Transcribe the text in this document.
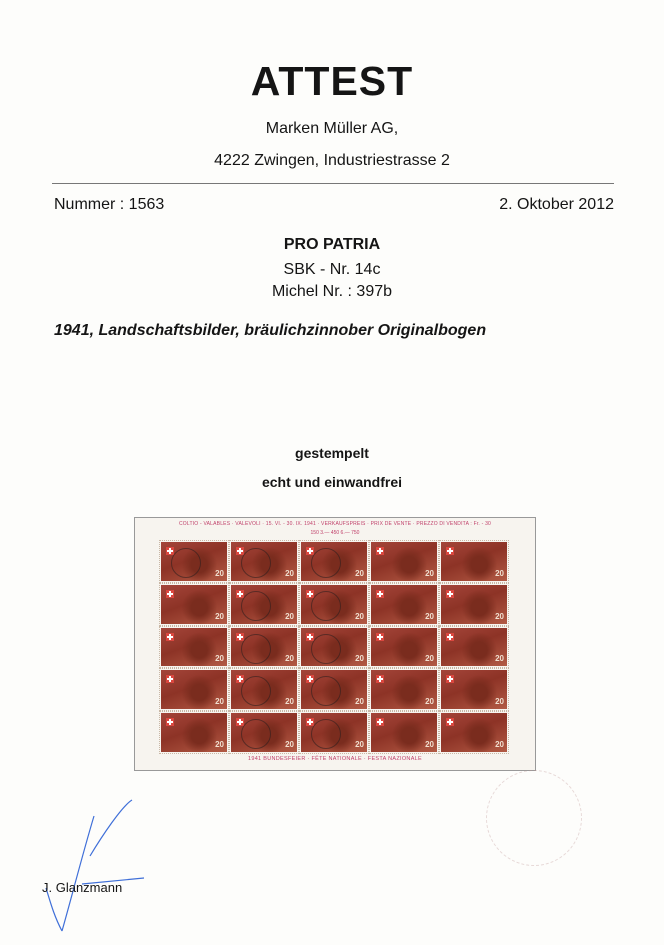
ATTEST
Marken Müller AG,
4222 Zwingen, Industriestrasse 2
Nummer : 1563	2. Oktober 2012
PRO PATRIA
SBK - Nr. 14c
Michel Nr. : 397b
1941, Landschaftsbilder, bräulichzinnober Originalbogen
gestempelt
echt und einwandfrei
COLTIO - VALABLES · VALEVOLI · 15. VI. - 30. IX. 1941 · VERKAUFSPREIS · PRIX DE VENTE · PREZZO DI VENDITA : Fr. - 30
150 3.— 450 6.— 750
20	20	20	20	20
20	20	20	20	20
20	20	20	20	20
20	20	20	20	20
20	20	20	20	20
1941 BUNDESFEIER · FÊTE NATIONALE · FESTA NAZIONALE
J. Glanzmann
